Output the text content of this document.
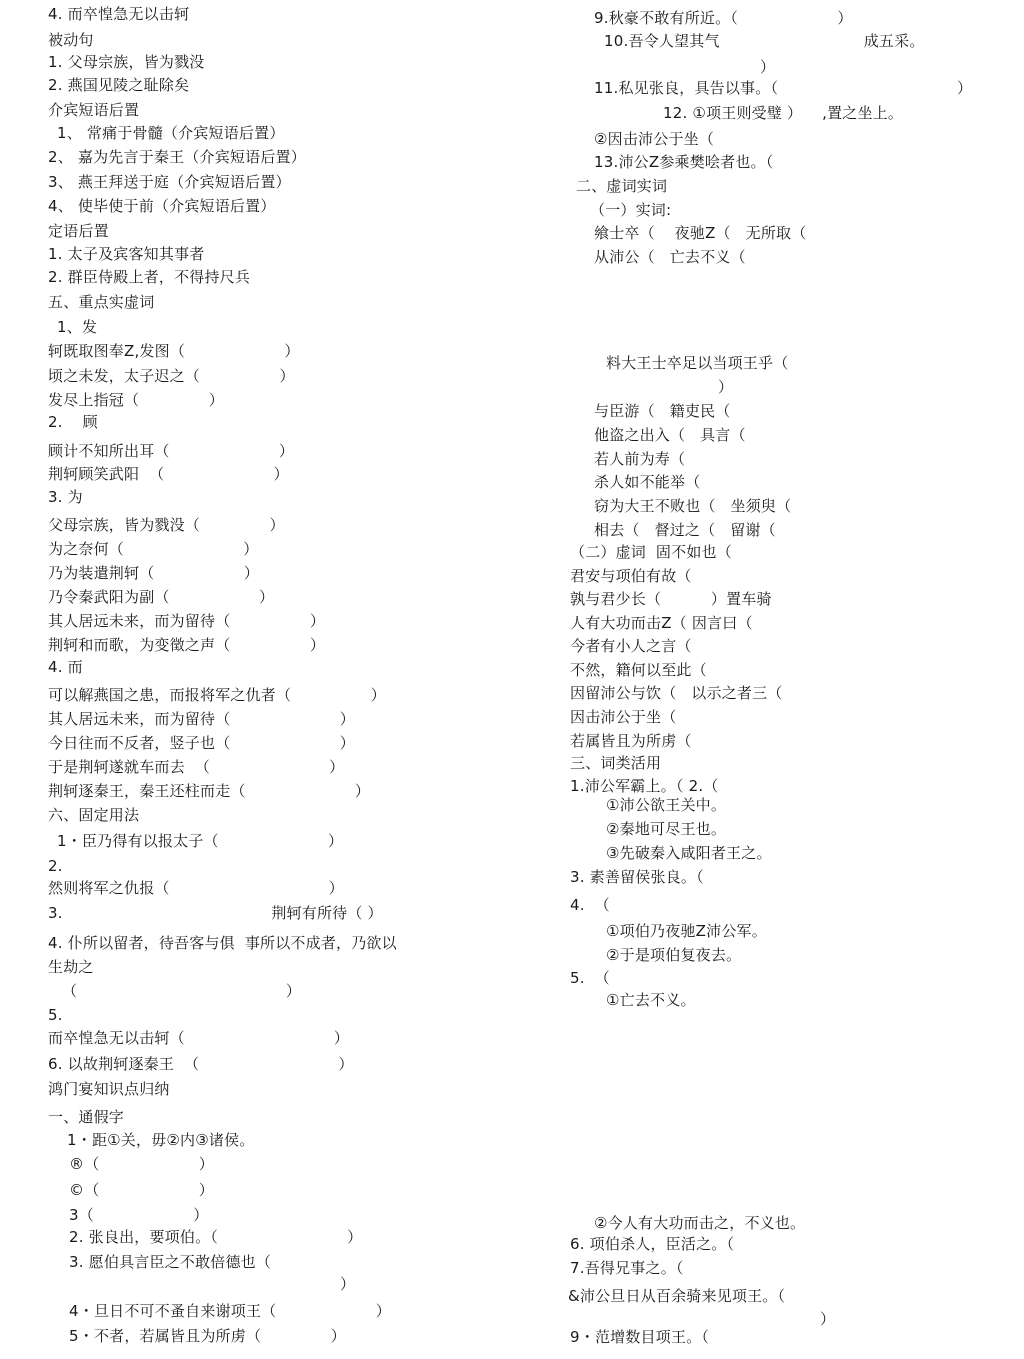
4. 而卒惶急无以击轲
被动句
1. 父母宗族，皆为戮没
2. 燕国见陵之耻除矣
介宾短语后置
1、 常痛于骨髓（介宾短语后置）
2、 嘉为先言于秦王（介宾短语后置）
3、 燕王拜送于庭（介宾短语后置）
4、 使毕使于前（介宾短语后置）
定语后置
1. 太子及宾客知其事者
2. 群臣侍殿上者，不得持尺兵
五、重点实虚词
1、发
轲既取图奉Z,发图（                    ）
顷之未发，太子迟之（                ）
发尽上指冠（              ）
2.    顾
顾计不知所出耳（                      ）
荆轲顾笑武阳  （                      ）
3. 为
父母宗族，皆为戮没（              ）
为之奈何（                        ）
乃为装遣荆轲（                  ）
乃令秦武阳为副（                  ）
其人居远未来，而为留待（                ）
荆轲和而歌，为变徵之声（                ）
4. 而
可以解燕国之患，而报将军之仇者（                ）
其人居远未来，而为留待（                      ）
今日往而不反者，竖子也（                      ）
于是荆轲遂就车而去  （                        ）
荆轲逐秦王，秦王还柱而走（                      ）
六、固定用法
1・臣乃得有以报太子（                      ）
2.
然则将军之仇报（                                ）
3.                                          荆轲有所待（ ）
4. 仆所以留者，待吾客与俱  事所以不成者，乃欲以
生劫之
（                                          ）
5.
而卒惶急无以击轲（                              ）
6. 以故荆轲逐秦王  （                            ）
鸿门宴知识点归纳
一、通假字
1・距①关，毋②内③诸侯。
®（                    ）
©（                    ）
3（                    ）
2. 张良出，要项伯。（                          ）
3. 愿伯具言臣之不敢倍德也（
）
4・旦日不可不蚤自来谢项王（                    ）
5・不者，若属皆且为所虏（              ）
9.秋豪不敢有所近。（                    ）
10.吾令人望其气                             成五采。
）
11.私见张良，具告以事。（                                    ）
12. ①项王则受璧 ）    ,置之坐上。
②因击沛公于坐（
13.沛公Z参乘樊哙者也。（
二、虚词实词
（一）实词:
飨士卒（    夜驰Z（   无所取（
从沛公（   亡去不义（
料大王士卒足以当项王乎（
）
与臣游（   籍吏民（
他盗之出入（   具言（
若人前为寿（
杀人如不能举（
窃为大王不败也（   坐须臾（
相去（   督过之（   留谢（
（二）虚词  固不如也（
君安与项伯有故（
孰与君少长（          ）置车骑
人有大功而击Z（ 因言曰（
今者有小人之言（
不然，籍何以至此（
因留沛公与饮（   以示之者三（
因击沛公于坐（
若属皆且为所虏（
三、词类活用
1.沛公军霸上。（ 2.（
①沛公欲王关中。
②秦地可尽王也。
③先破秦入咸阳者王之。
3. 素善留侯张良。（
4.  （
①项伯乃夜驰Z沛公军。
②于是项伯复夜去。
5.  （
①亡去不义。
②今人有大功而击之，不义也。
6. 项伯杀人，臣活之。（
7.吾得兄事之。（
&沛公旦日从百余骑来见项王。（
）
9・范增数目项王。（
